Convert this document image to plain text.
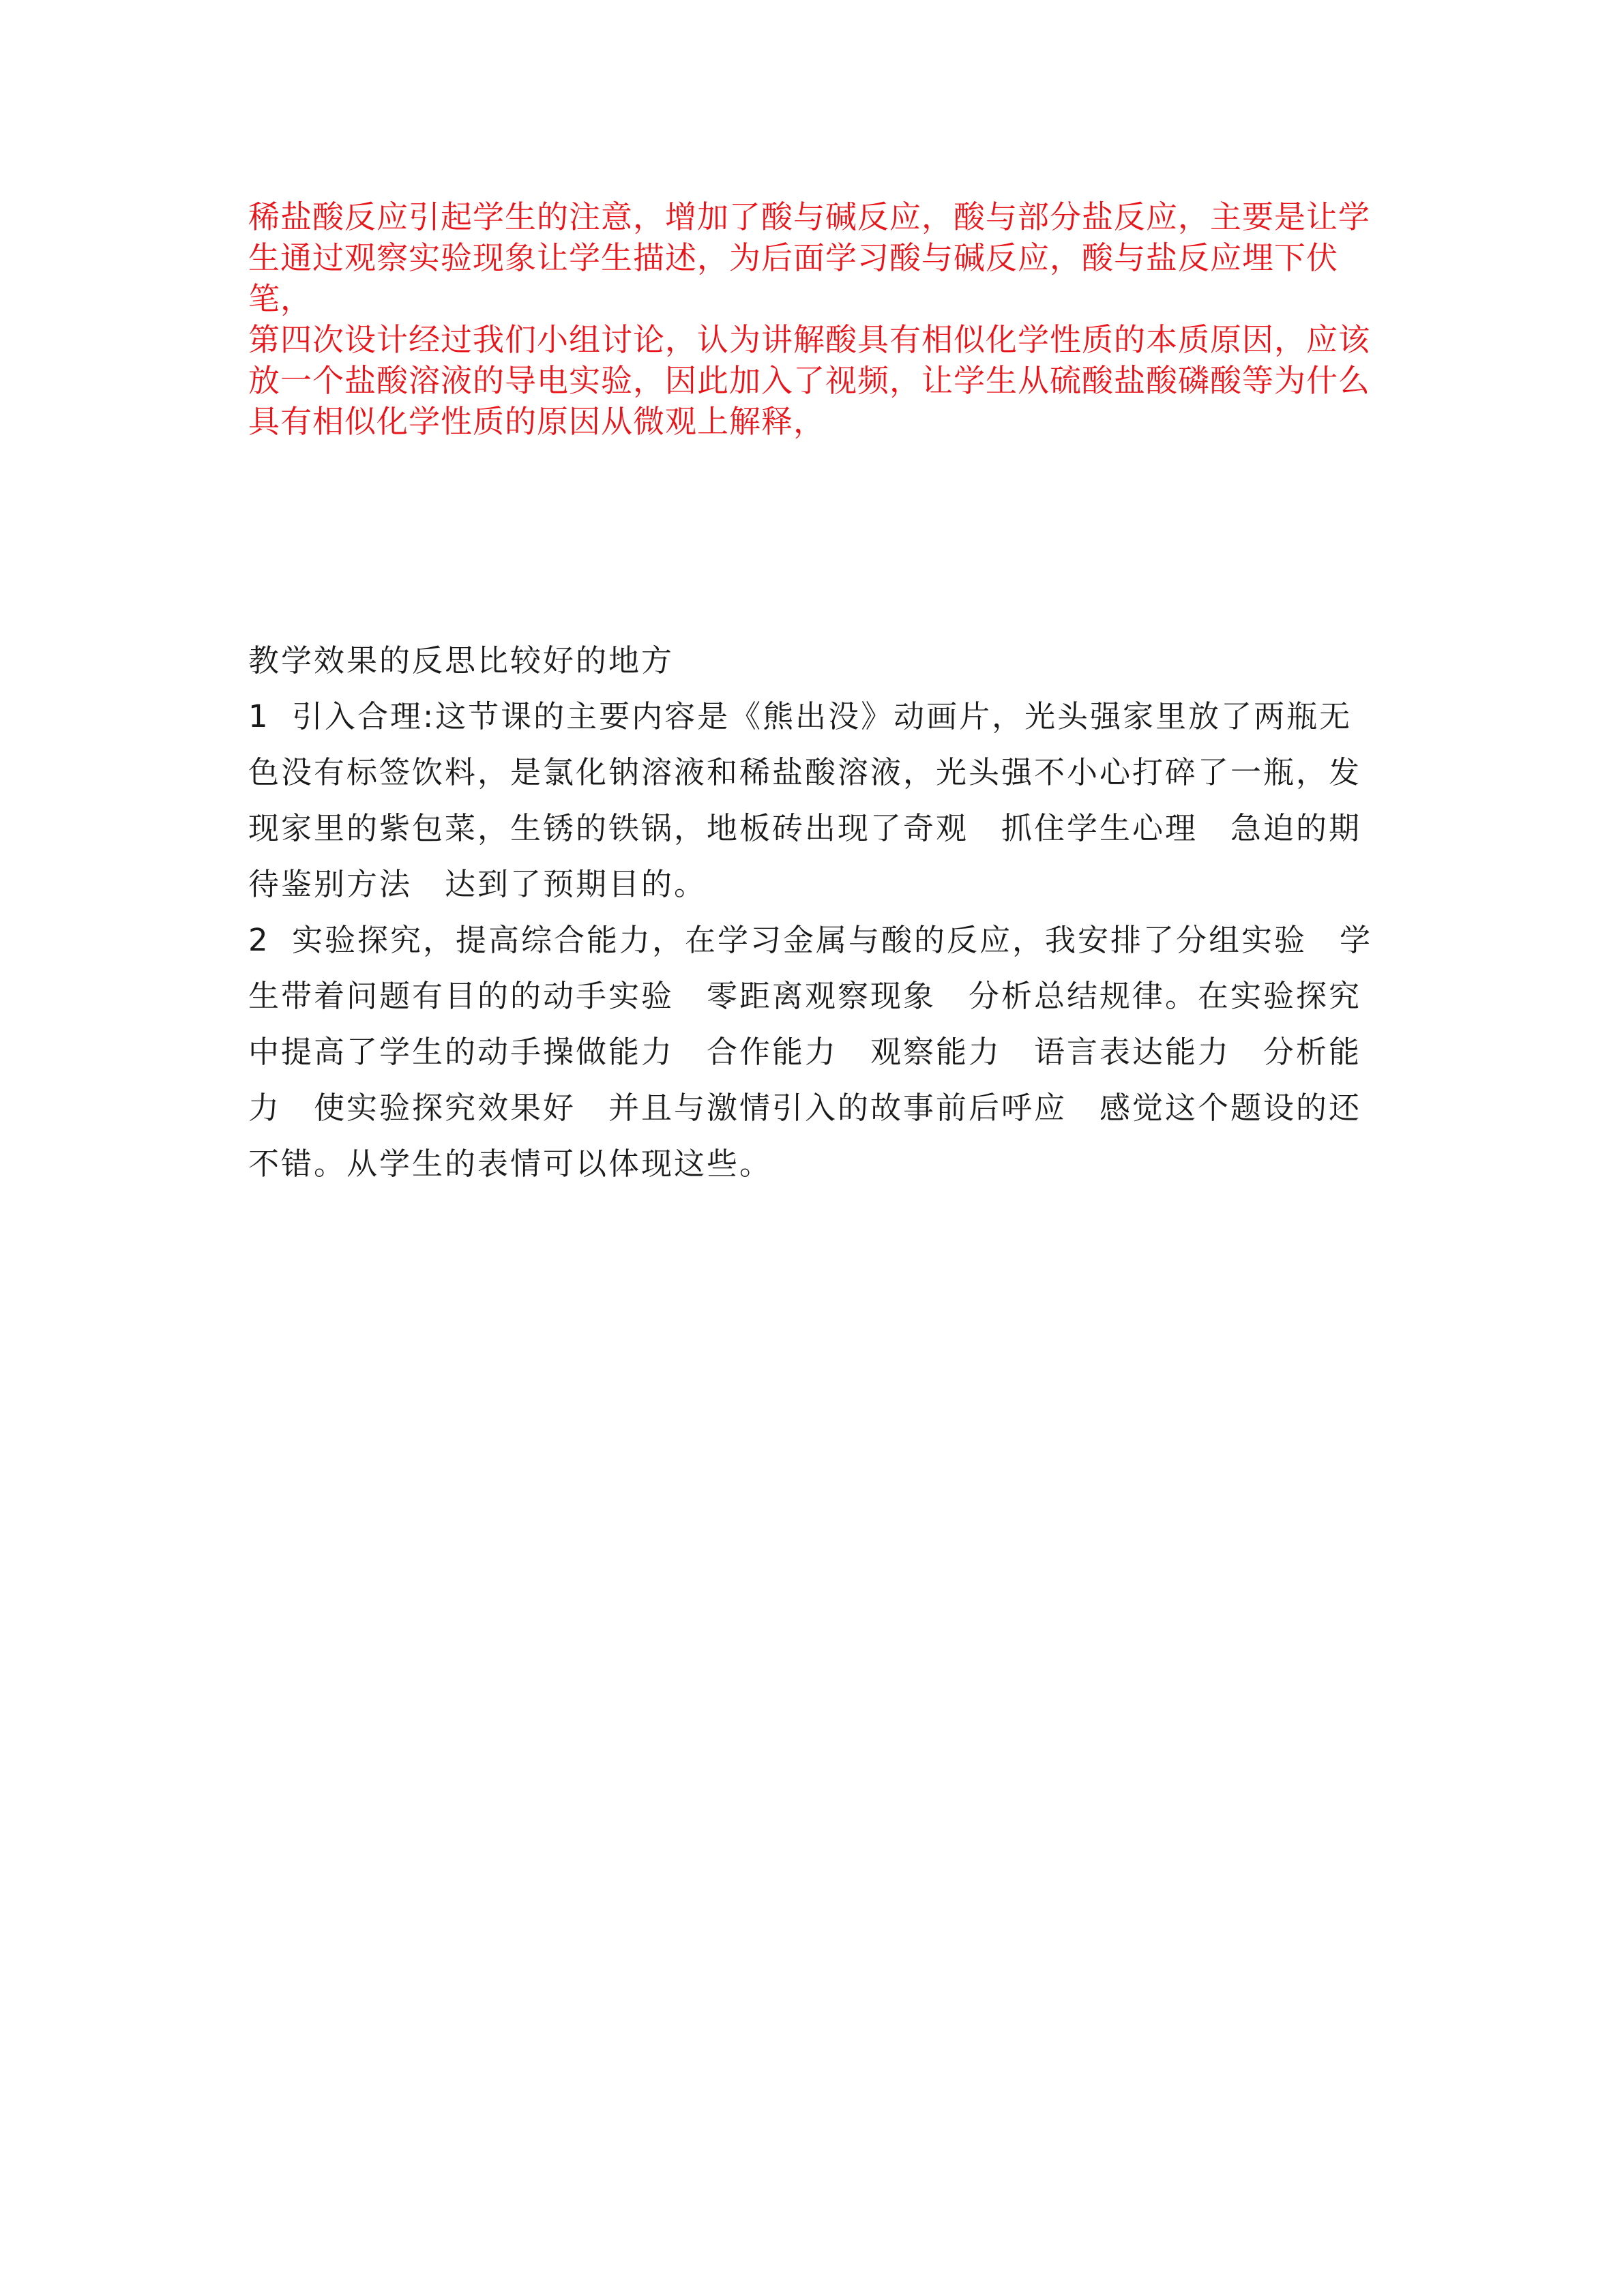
稀盐酸反应引起学生的注意，增加了酸与碱反应，酸与部分盐反应，主要是让学生通过观察实验现象让学生描述，为后面学习酸与碱反应，酸与盐反应埋下伏笔，

第四次设计经过我们小组讨论，认为讲解酸具有相似化学性质的本质原因，应该放一个盐酸溶液的导电实验，因此加入了视频，让学生从硫酸盐酸磷酸等为什么具有相似化学性质的原因从微观上解释，

教学效果的反思比较好的地方

1 引入合理:这节课的主要内容是《熊出没》动画片，光头强家里放了两瓶无色没有标签饮料，是氯化钠溶液和稀盐酸溶液，光头强不小心打碎了一瓶，发现家里的紫包菜，生锈的铁锅，地板砖出现了奇观　抓住学生心理　急迫的期待鉴别方法　达到了预期目的。

2 实验探究，提高综合能力，在学习金属与酸的反应，我安排了分组实验　学生带着问题有目的的动手实验　零距离观察现象　分析总结规律。在实验探究中提高了学生的动手操做能力　合作能力　观察能力　语言表达能力　分析能力　使实验探究效果好　并且与激情引入的故事前后呼应　感觉这个题设的还不错。从学生的表情可以体现这些。
